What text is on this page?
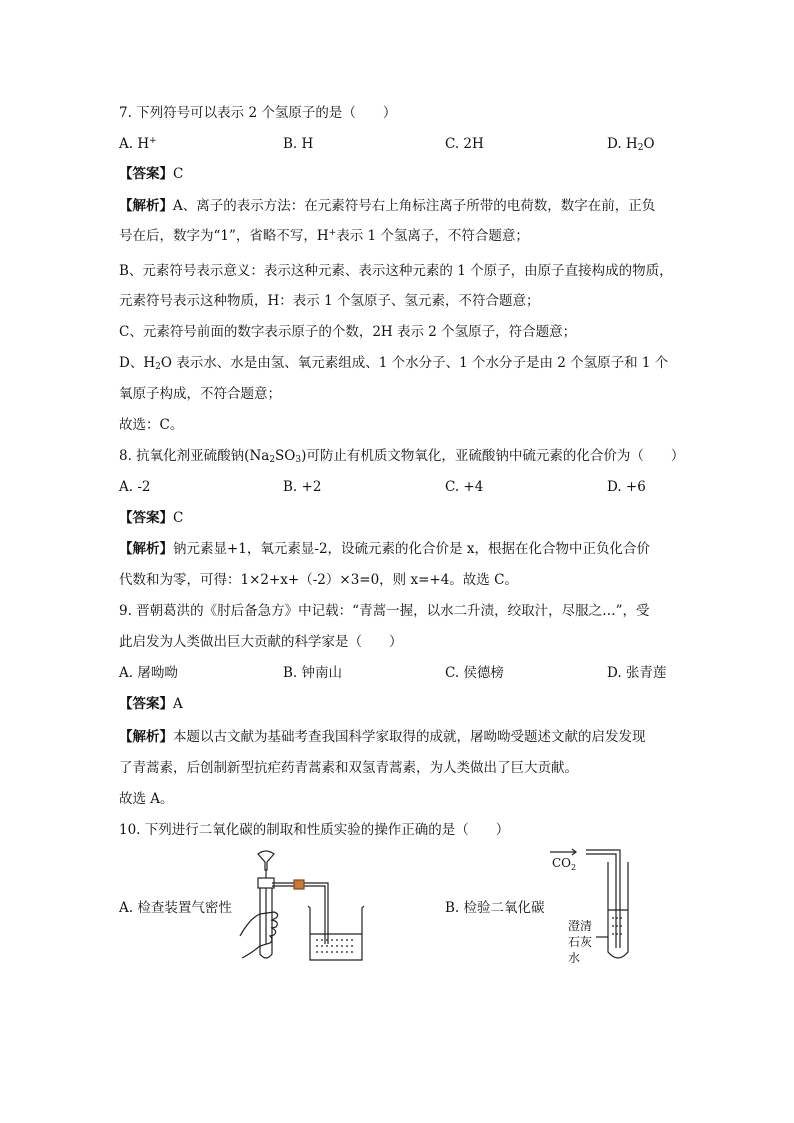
7. 下列符号可以表示 2 个氢原子的是（　　）
A. H+	B. H	C. 2H	D. $H_2O$
【答案】C
【解析】A、离子的表示方法：在元素符号右上角标注离子所带的电荷数，数字在前，正负
号在后，数字为“1”，省略不写，H+表示 1 个氢离子，不符合题意；
B、元素符号表示意义：表示这种元素、表示这种元素的 1 个原子，由原子直接构成的物质，
元素符号表示这种物质，H：表示 1 个氢原子、氢元素，不符合题意；
C、元素符号前面的数字表示原子的个数，2H 表示 2 个氢原子，符合题意；
D、$H_2O$ 表示水、水是由氢、氧元素组成、1 个水分子、1 个水分子是由 2 个氢原子和 1 个
氧原子构成，不符合题意；
故选：C。
8. 抗氧化剂亚硫酸钠$(Na_2SO_3)$可防止有机质文物氧化，亚硫酸钠中硫元素的化合价为（　　）
A. -2	B. +2	C. +4	D. +6
【答案】C
【解析】钠元素显+1，氧元素显-2，设硫元素的化合价是 x，根据在化合物中正负化合价
代数和为零，可得：1×2+x+（-2）×3=0，则 x=+4。故选 C。
9. 晋朝葛洪的《肘后备急方》中记载：“青蒿一握，以水二升渍，绞取汁，尽服之…”，受
此启发为人类做出巨大贡献的科学家是（　　）
A. 屠呦呦	B. 钟南山	C. 侯德榜	D. 张青莲
【答案】A
【解析】本题以古文献为基础考查我国科学家取得的成就，屠呦呦受题述文献的启发发现
了青蒿素，后创制新型抗疟药青蒿素和双氢青蒿素，为人类做出了巨大贡献。
故选 A。
10. 下列进行二氧化碳的制取和性质实验的操作正确的是（　　）
A. 检查装置气密性	B. 检验二氧化碳
$CO_2$
澄清
石灰
水
